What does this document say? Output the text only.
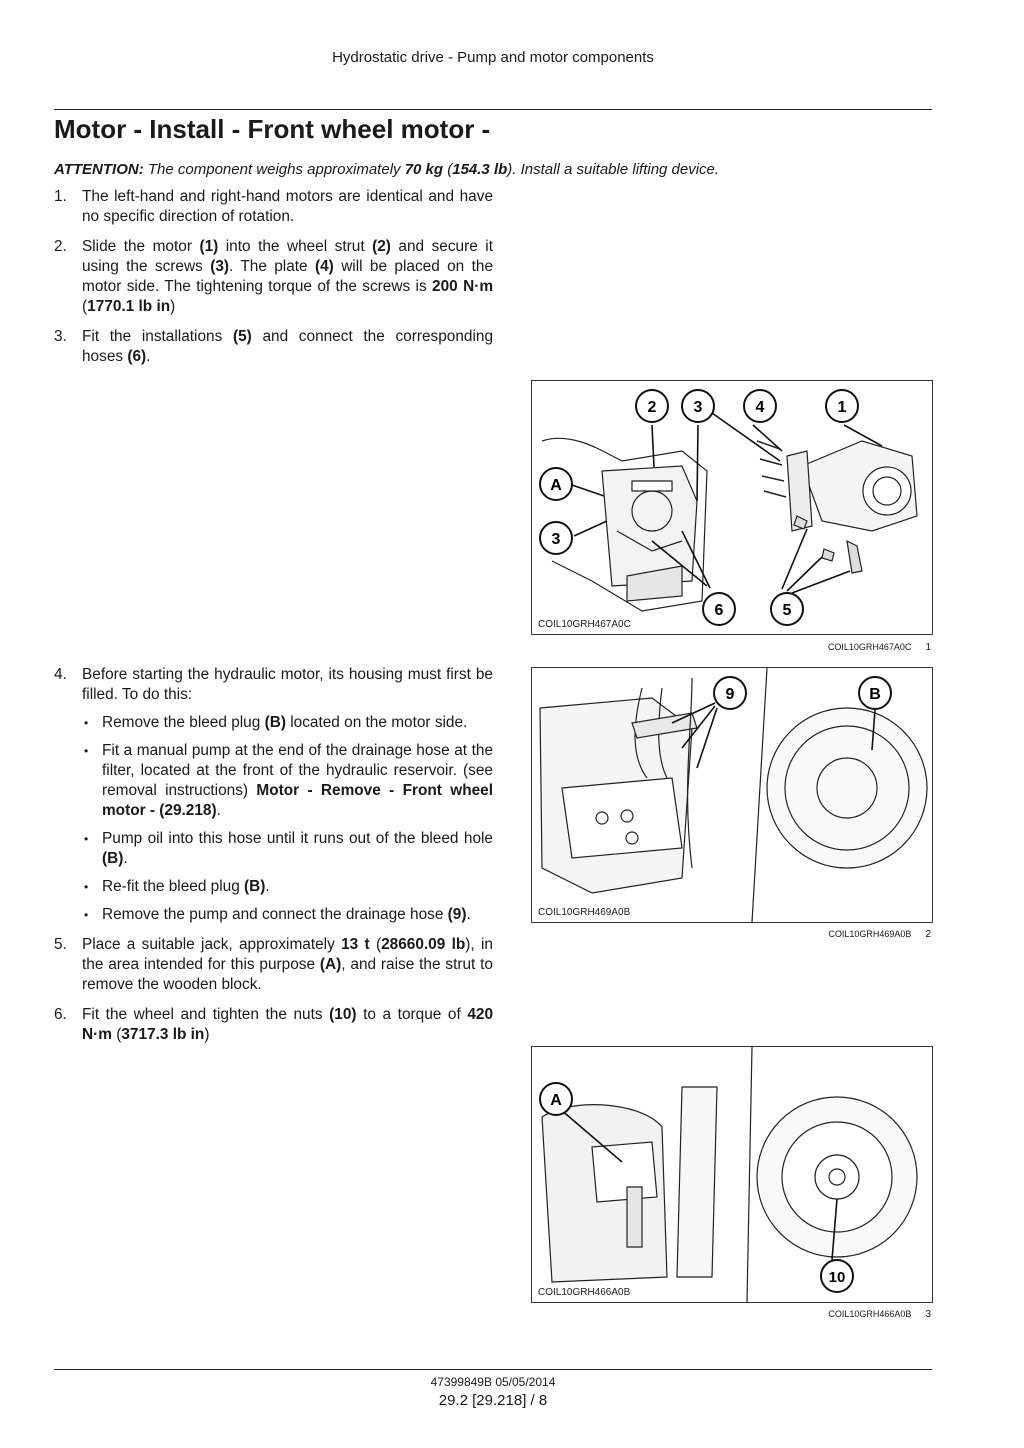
Hydrostatic drive - Pump and motor components
Motor - Install - Front wheel motor -
ATTENTION: The component weighs approximately 70 kg (154.3 lb). Install a suitable lifting device.
1. The left-hand and right-hand motors are identical and have no specific direction of rotation.
2. Slide the motor (1) into the wheel strut (2) and secure it using the screws (3). The plate (4) will be placed on the motor side. The tightening torque of the screws is 200 N·m (1770.1 lb in)
3. Fit the installations (5) and connect the corresponding hoses (6).
4. Before starting the hydraulic motor, its housing must first be filled. To do this:
• Remove the bleed plug (B) located on the motor side.
• Fit a manual pump at the end of the drainage hose at the filter, located at the front of the hydraulic reservoir. (see removal instructions) Motor - Remove - Front wheel motor - (29.218).
• Pump oil into this hose until it runs out of the bleed hole (B).
• Re-fit the bleed plug (B).
• Remove the pump and connect the drainage hose (9).
5. Place a suitable jack, approximately 13 t (28660.09 lb), in the area intended for this purpose (A), and raise the strut to remove the wooden block.
6. Fit the wheel and tighten the nuts (10) to a torque of 420 N·m (3717.3 lb in)
2 3	4	1
A
3
6	5
COIL10GRH467A0C
COIL10GRH467A0C 1
9	B
COIL10GRH469A0B
COIL10GRH469A0B 2
A
10
COIL10GRH466A0B
COIL10GRH466A0B 3
47399849B 05/05/2014
29.2 [29.218] / 8
